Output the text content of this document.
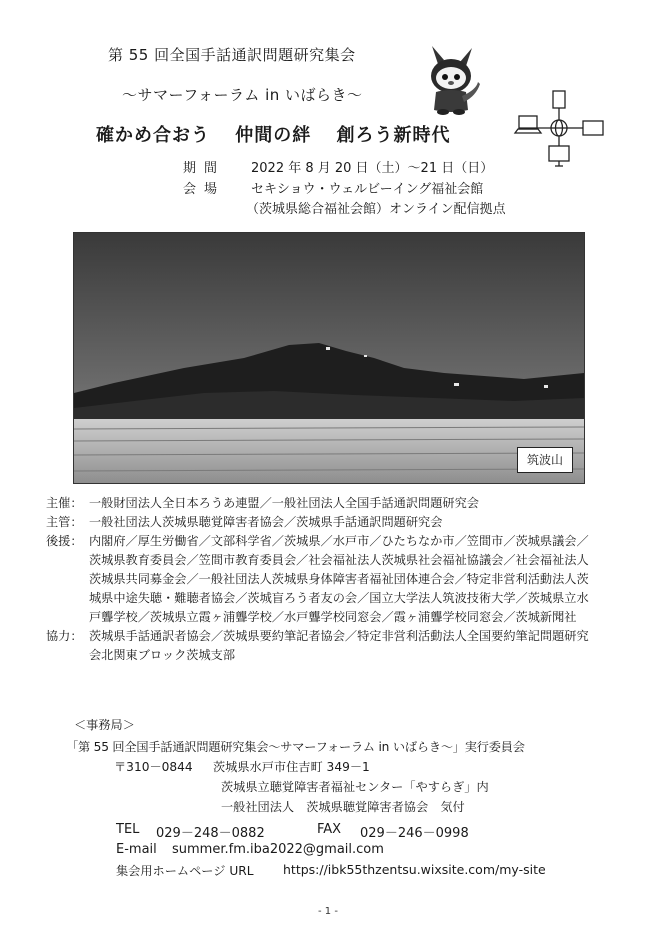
第 55 回全国手話通訳問題研究集会
～サマーフォーラム in いばらき～
確かめ合おう 仲間の絆 創ろう新時代
期間 2022 年 8 月 20 日（土）～21 日（日）
会場 セキショウ・ウェルビーイング福祉会館
（茨城県総合福祉会館）オンライン配信拠点
筑波山
主催： 一般財団法人全日本ろうあ連盟／一般社団法人全国手話通訳問題研究会
主管： 一般社団法人茨城県聴覚障害者協会／茨城県手話通訳問題研究会
後援： 内閣府／厚生労働省／文部科学省／茨城県／水戸市／ひたちなか市／笠間市／茨城県議会／茨城県教育委員会／笠間市教育委員会／社会福祉法人茨城県社会福祉協議会／社会福祉法人茨城県共同募金会／一般社団法人茨城県身体障害者福祉団体連合会／特定非営利活動法人茨城県中途失聴・難聴者協会／茨城盲ろう者友の会／国立大学法人筑波技術大学／茨城県立水戸聾学校／茨城県立霞ヶ浦聾学校／水戸聾学校同窓会／霞ヶ浦聾学校同窓会／茨城新聞社
協力： 茨城県手話通訳者協会／茨城県要約筆記者協会／特定非営利活動法人全国要約筆記問題研究会北関東ブロック茨城支部
＜事務局＞
「第 55 回全国手話通訳問題研究集会～サマーフォーラム in いばらき～」実行委員会
〒310－0844 茨城県水戸市住吉町 349－1
茨城県立聴覚障害者福祉センター「やすらぎ」内
一般社団法人　茨城県聴覚障害者協会　気付
TEL 029－248－0882	FAX 029－246－0998
E-mail summer.fm.iba2022@gmail.com
集会用ホームページ URL https://ibk55thzentsu.wixsite.com/my-site
- 1 -
